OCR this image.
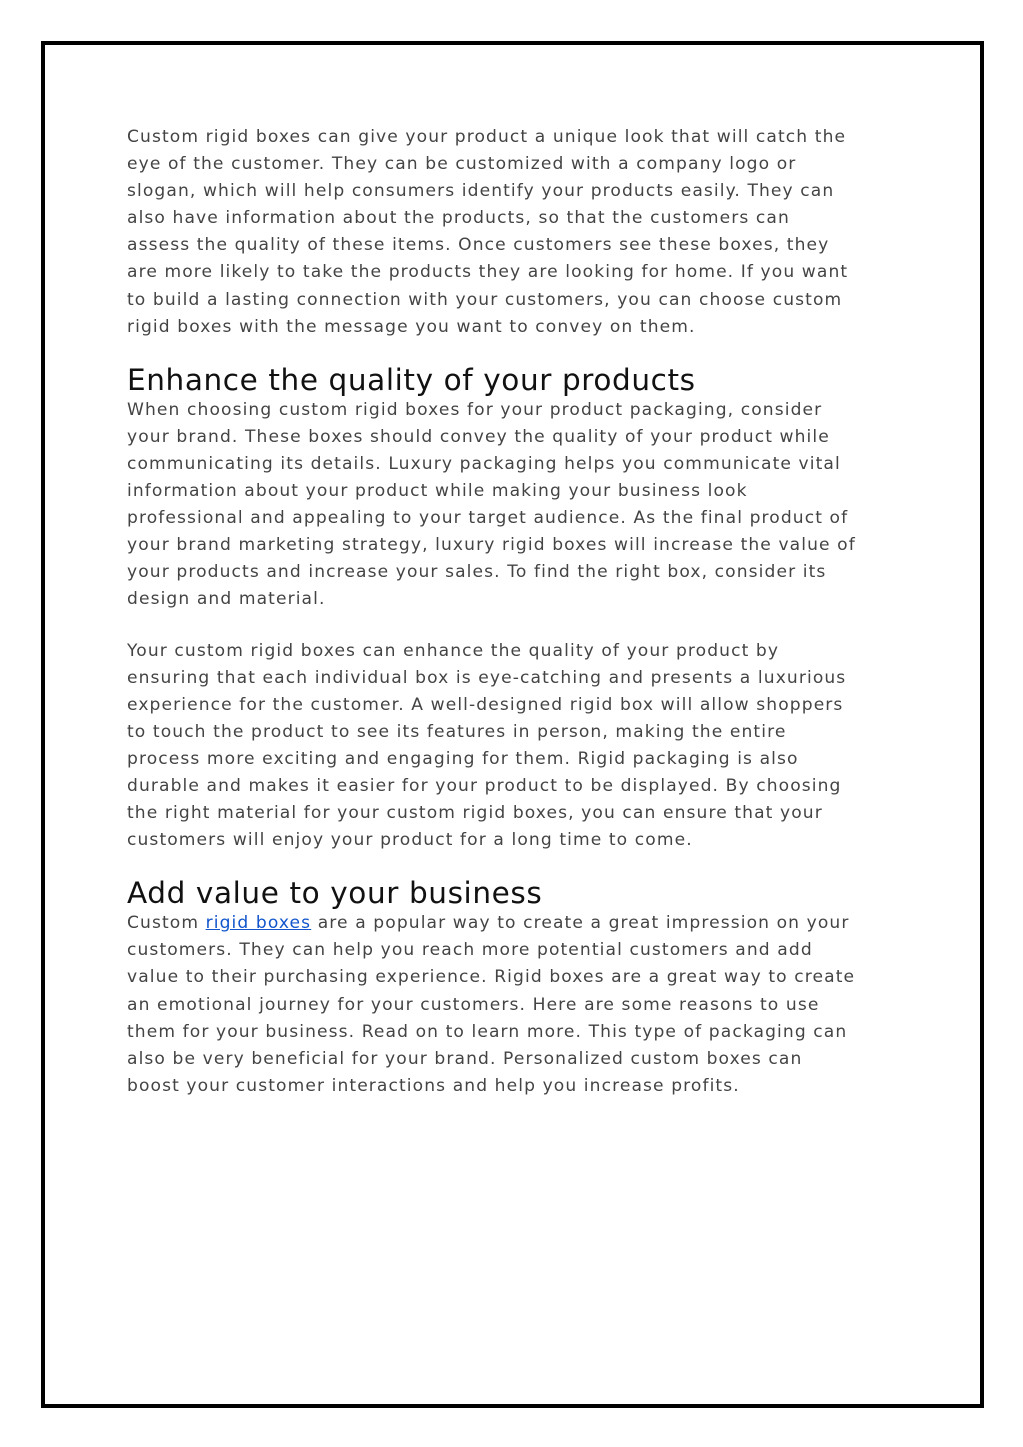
Custom rigid boxes can give your product a unique look that will catch the
eye of the customer. They can be customized with a company logo or
slogan, which will help consumers identify your products easily. They can
also have information about the products, so that the customers can
assess the quality of these items. Once customers see these boxes, they
are more likely to take the products they are looking for home. If you want
to build a lasting connection with your customers, you can choose custom
rigid boxes with the message you want to convey on them.

Enhance the quality of your products

When choosing custom rigid boxes for your product packaging, consider
your brand. These boxes should convey the quality of your product while
communicating its details. Luxury packaging helps you communicate vital
information about your product while making your business look
professional and appealing to your target audience. As the final product of
your brand marketing strategy, luxury rigid boxes will increase the value of
your products and increase your sales. To find the right box, consider its
design and material.

Your custom rigid boxes can enhance the quality of your product by
ensuring that each individual box is eye-catching and presents a luxurious
experience for the customer. A well-designed rigid box will allow shoppers
to touch the product to see its features in person, making the entire
process more exciting and engaging for them. Rigid packaging is also
durable and makes it easier for your product to be displayed. By choosing
the right material for your custom rigid boxes, you can ensure that your
customers will enjoy your product for a long time to come.

Add value to your business

Custom rigid boxes are a popular way to create a great impression on your
customers. They can help you reach more potential customers and add
value to their purchasing experience. Rigid boxes are a great way to create
an emotional journey for your customers. Here are some reasons to use
them for your business. Read on to learn more. This type of packaging can
also be very beneficial for your brand. Personalized custom boxes can
boost your customer interactions and help you increase profits.
